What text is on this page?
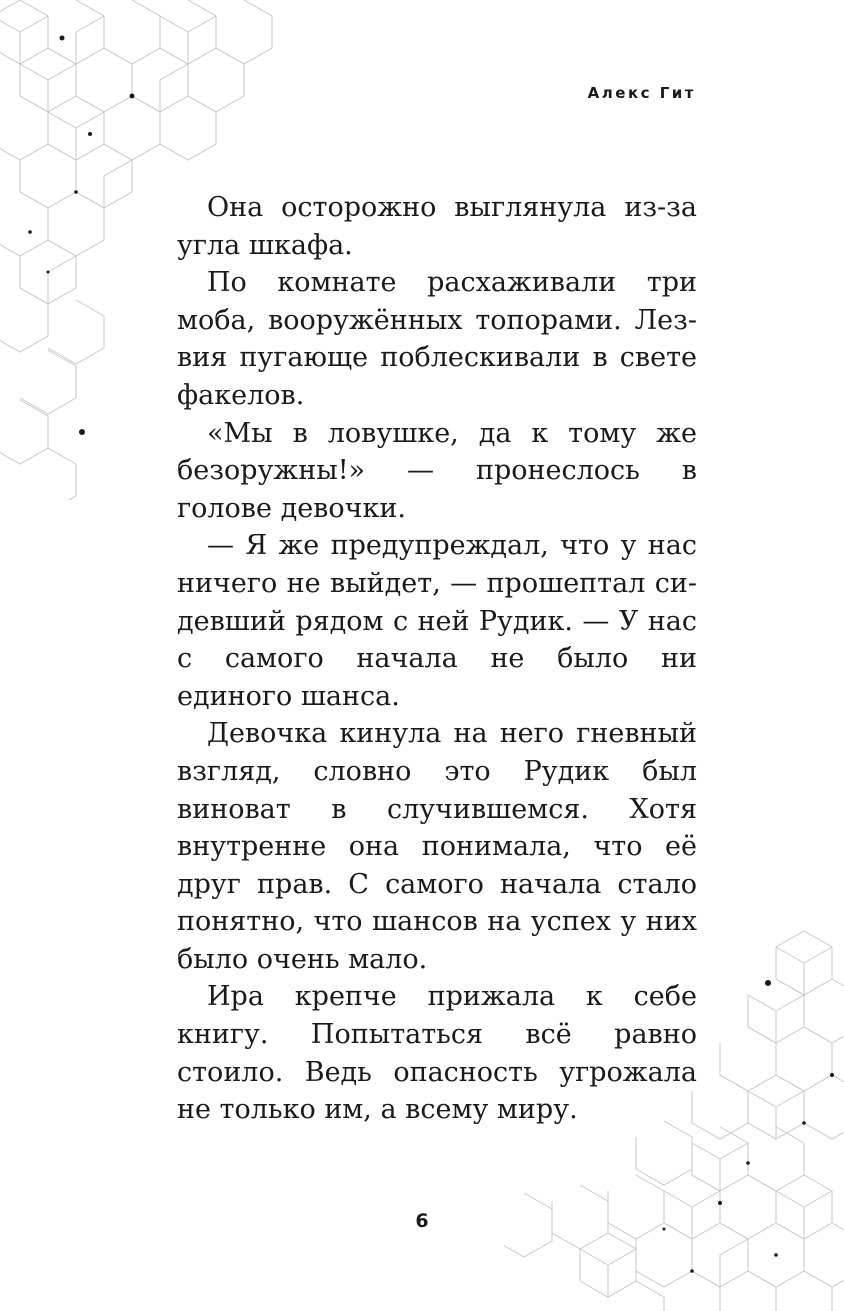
Алекс Гит

Она осторожно выглянула из-за угла шкафа.

По комнате расхаживали три моба, вооружённых топорами. Лезвия пугающе поблескивали в свете факелов.

«Мы в ловушке, да к тому же безоружны!» — пронеслось в голове девочки.

— Я же предупреждал, что у нас ничего не выйдет, — прошептал сидевший рядом с ней Рудик. — У нас с самого начала не было ни единого шанса.

Девочка кинула на него гневный взгляд, словно это Рудик был виноват в случившемся. Хотя внутренне она понимала, что её друг прав. С самого начала стало понятно, что шансов на успех у них было очень мало.

Ира крепче прижала к себе книгу. Попытаться всё равно стоило. Ведь опасность угрожала не только им, а всему миру.

6
